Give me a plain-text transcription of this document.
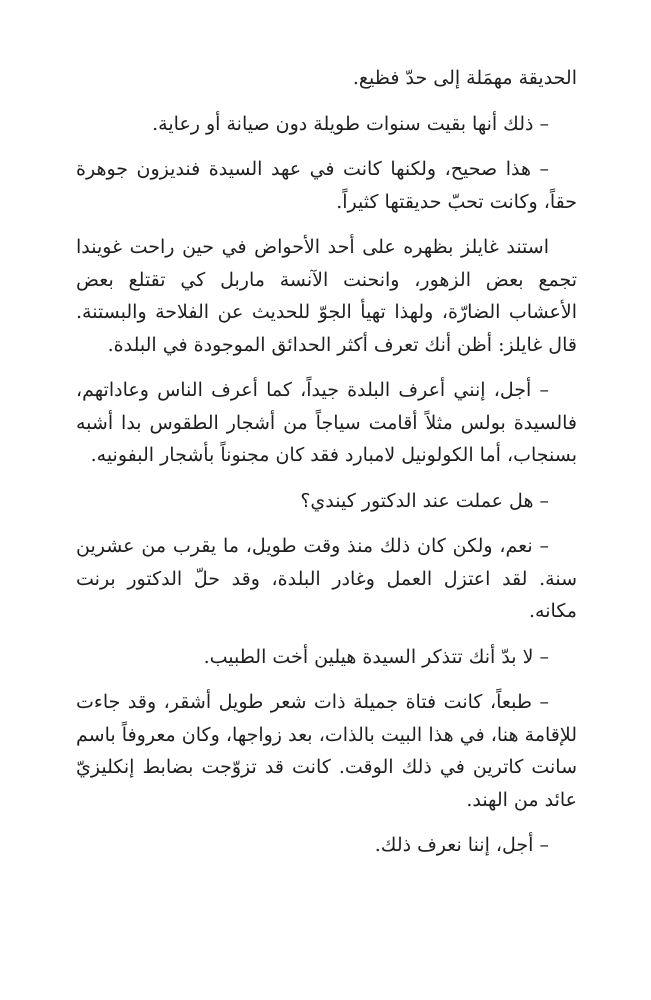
الحديقة مهمَلة إلى حدّ فظيع.

– ذلك أنها بقيت سنوات طويلة دون صيانة أو رعاية.

– هذا صحيح، ولكنها كانت في عهد السيدة فنديزون جوهرة حقاً، وكانت تحبّ حديقتها كثيراً.

استند غايلز بظهره على أحد الأحواض في حين راحت غويندا تجمع بعض الزهور، وانحنت الآنسة ماربل كي تقتلع بعض الأعشاب الضارّة، ولهذا تهيأ الجوّ للحديث عن الفلاحة والبستنة. قال غايلز: أظن أنك تعرف أكثر الحدائق الموجودة في البلدة.

– أجل، إنني أعرف البلدة جيداً، كما أعرف الناس وعاداتهم، فالسيدة بولس مثلاً أقامت سياجاً من أشجار الطقوس بدا أشبه بسنجاب، أما الكولونيل لامبارد فقد كان مجنوناً بأشجار البفونيه.

– هل عملت عند الدكتور كيندي؟

– نعم، ولكن كان ذلك منذ وقت طويل، ما يقرب من عشرين سنة. لقد اعتزل العمل وغادر البلدة، وقد حلّ الدكتور برنت مكانه.

– لا بدّ أنك تتذكر السيدة هيلين أخت الطبيب.

– طبعاً، كانت فتاة جميلة ذات شعر طويل أشقر، وقد جاءت للإقامة هنا، في هذا البيت بالذات، بعد زواجها، وكان معروفاً باسم سانت كاترين في ذلك الوقت. كانت قد تزوّجت بضابط إنكليزيّ عائد من الهند.

– أجل، إننا نعرف ذلك.
